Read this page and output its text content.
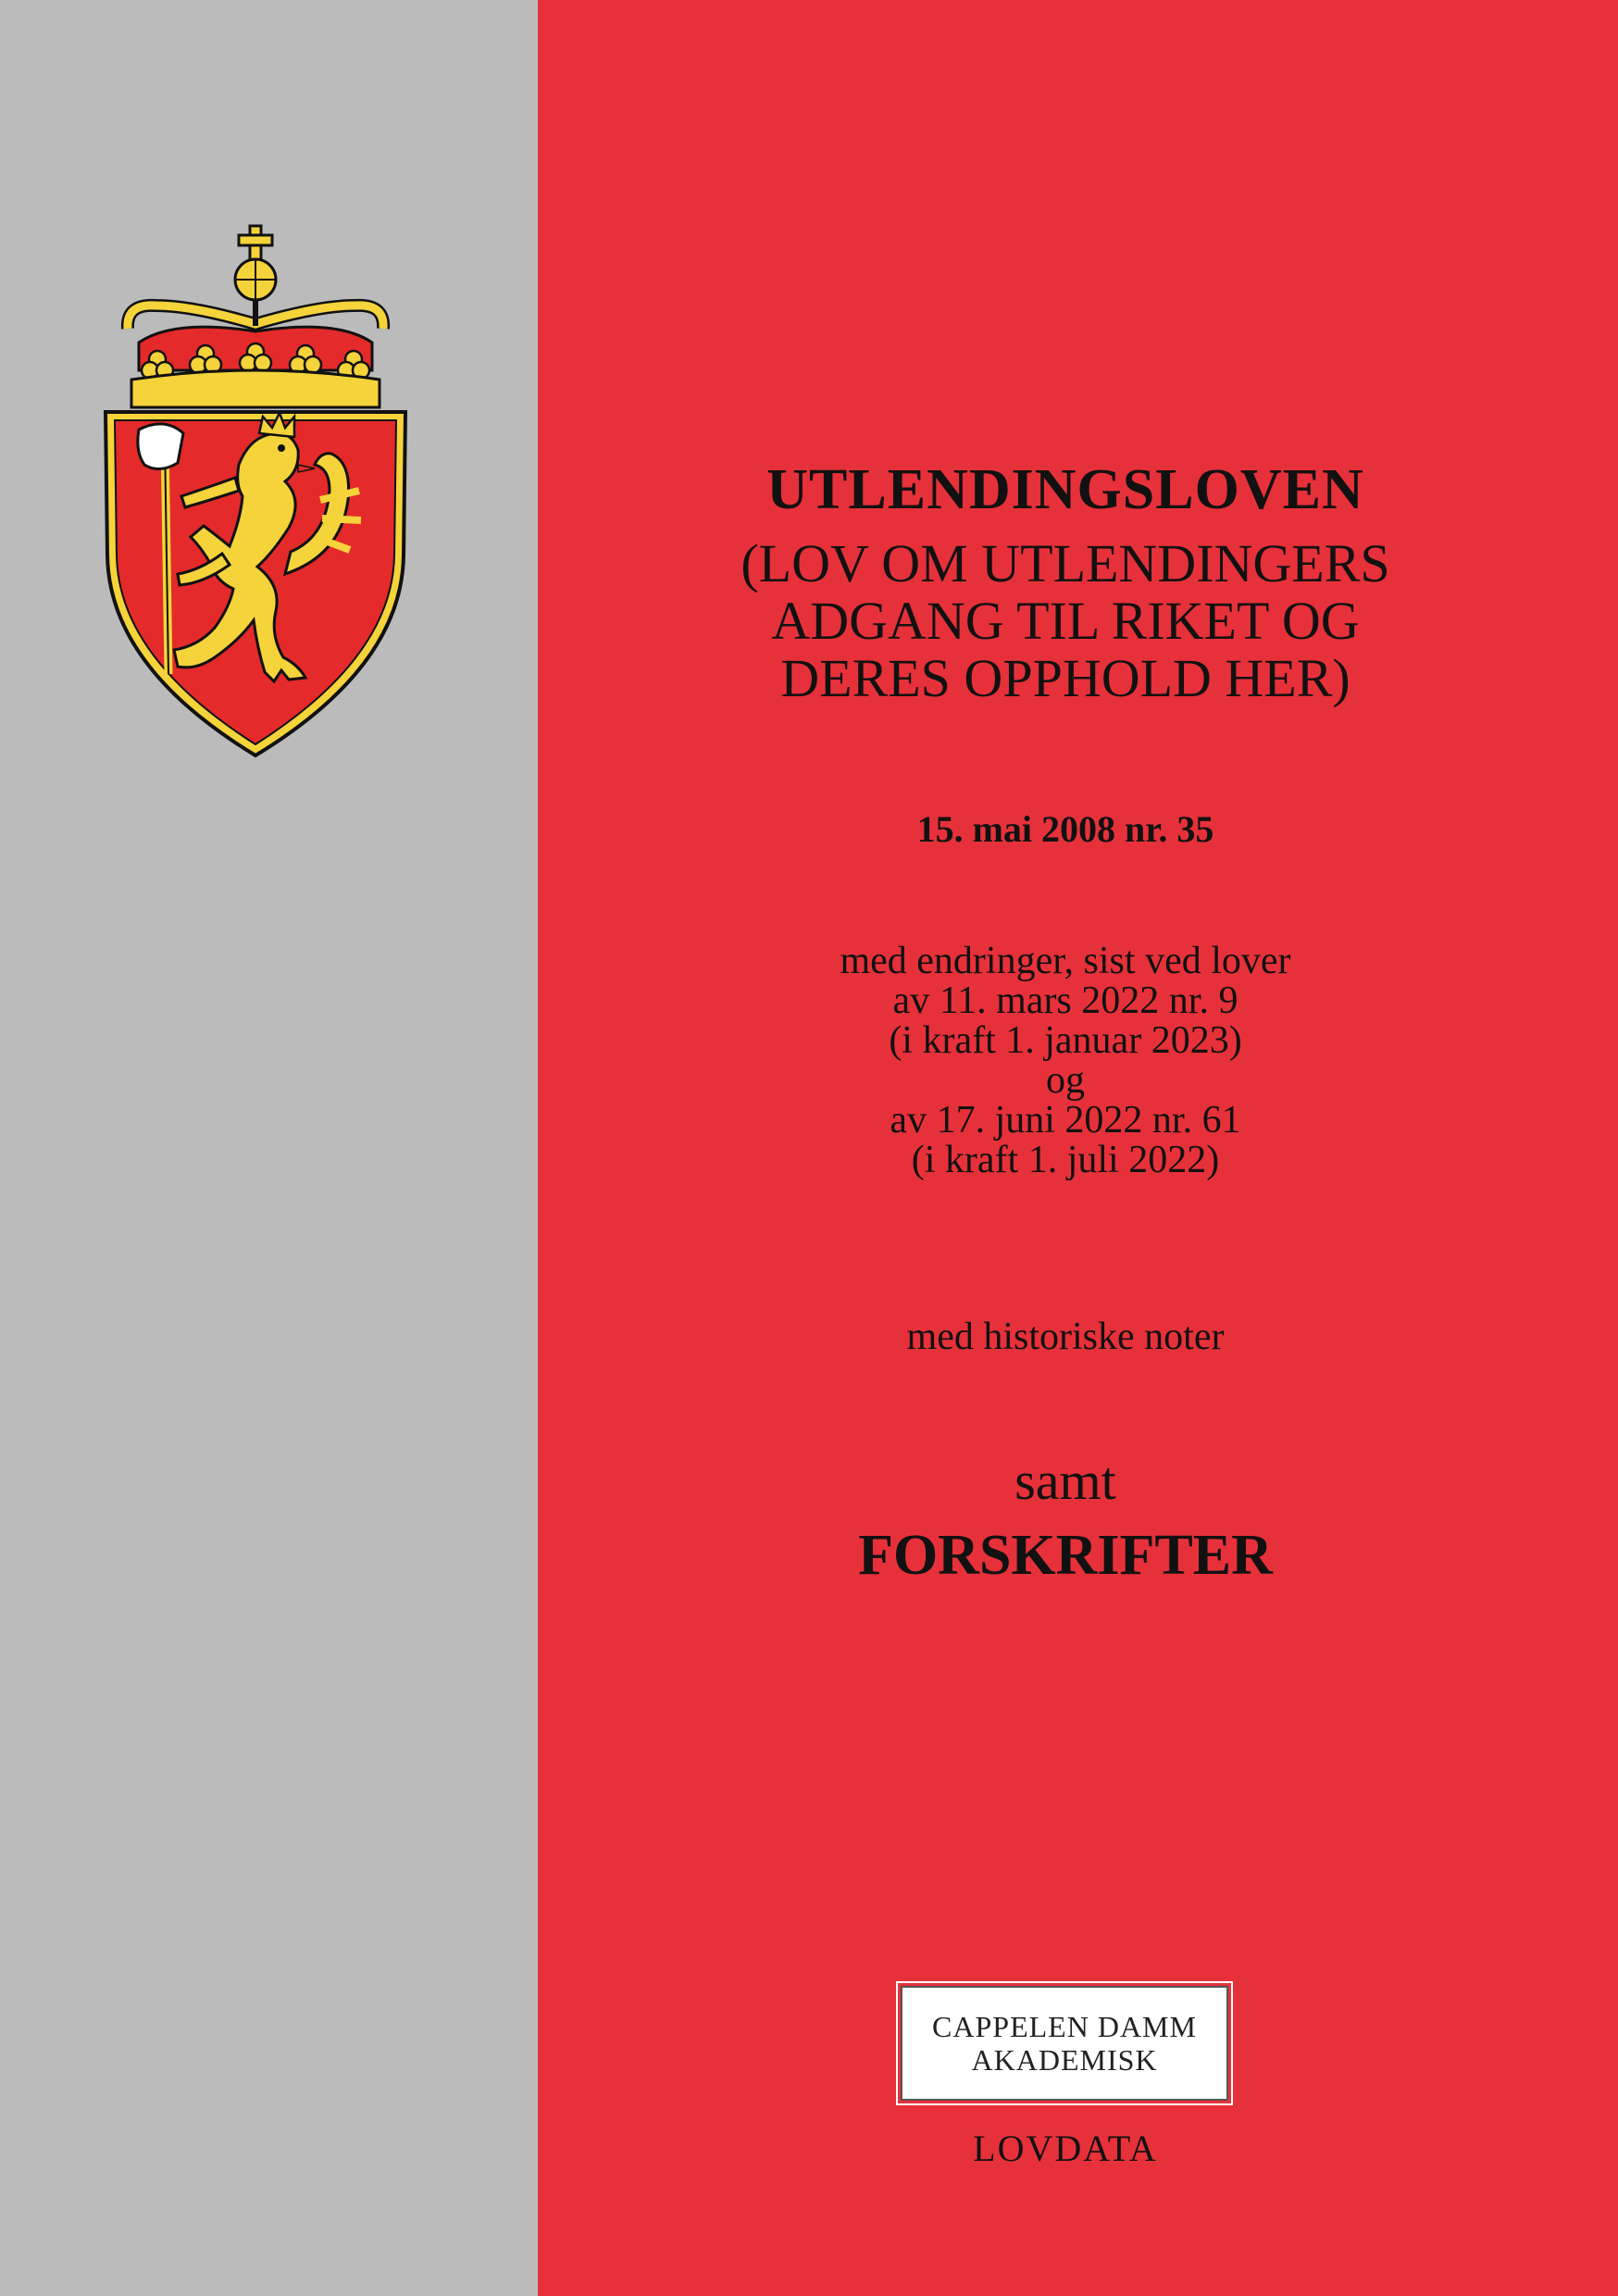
UTLENDINGSLOVEN
(LOV OM UTLENDINGERS
ADGANG TIL RIKET OG
DERES OPPHOLD HER)
15. mai 2008 nr. 35
med endringer, sist ved lover
av 11. mars 2022 nr. 9
(i kraft 1. januar 2023)
og
av 17. juni 2022 nr. 61
(i kraft 1. juli 2022)
med historiske noter
samt
FORSKRIFTER
CAPPELEN DAMM
AKADEMISK
LOVDATA
